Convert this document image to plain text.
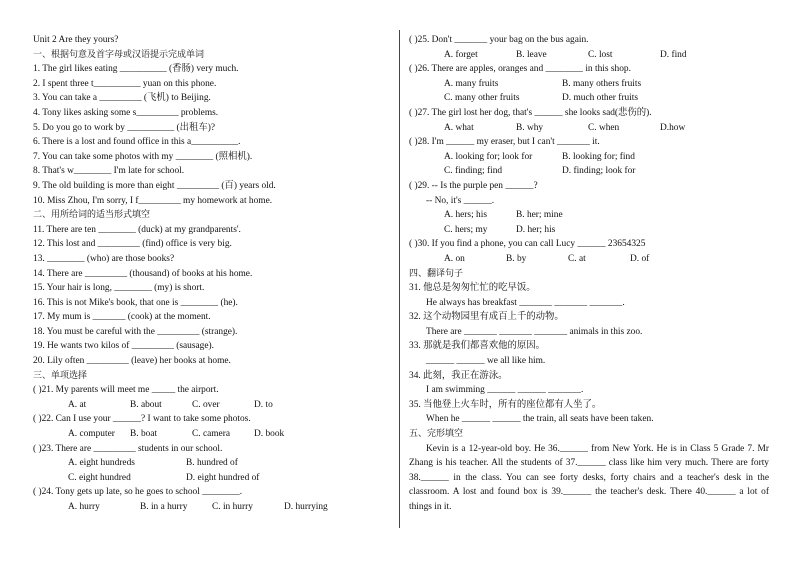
Unit 2 Are they yours?
一、根据句意及首字母或汉语提示完成单词
1. The girl likes eating __________ (香肠) very much.
2. I spent three t__________ yuan on this phone.
3. You can take a _________ (飞机) to Beijing.
4. Tony likes asking some s_________ problems.
5. Do you go to work by __________ (出租车)?
6. There is a lost and found office in this a__________.
7. You can take some photos with my ________ (照相机).
8. That's w________ I'm late for school.
9. The old building is more than eight _________ (百) years old.
10. Miss Zhou, I'm sorry, I f_________ my homework at home.
二、用所给词的适当形式填空
11. There are ten ________ (duck) at my grandparents'.
12. This lost and _________ (find) office is very big.
13. ________ (who) are those books?
14. There are _________ (thousand) of books at his home.
15. Your hair is long, ________ (my) is short.
16. This is not Mike's book, that one is ________ (he).
17. My mum is _______ (cook) at the moment.
18. You must be careful with the _________ (strange).
19. He wants two kilos of _________ (sausage).
20. Lily often _________ (leave) her books at home.
三、单项选择
( )21. My parents will meet me _____ the airport.
A. at	B. about	C. over	D. to
( )22. Can I use your ______? I want to take some photos.
A. computer	B. boat	C. camera	D. book
( )23. There are _________ students in our school.
A. eight hundreds	B. hundred of
C. eight hundred	D. eight hundred of
( )24. Tony gets up late, so he goes to school ________.
A. hurry	B. in a hurry	C. in hurry	D. hurrying
( )25. Don't _______ your bag on the bus again.
A. forget	B. leave	C. lost	D. find
( )26. There are apples, oranges and ________ in this shop.
A. many fruits	B. many others fruits
C. many other fruits	D. much other fruits
( )27. The girl lost her dog, that's ______ she looks sad(悲伤的).
A. what	B. why	C. when	D.how
( )28. I'm ______ my eraser, but I can't _______ it.
A. looking for; look for	B. looking for; find
C. finding; find	D. finding; look for
( )29. -- Is the purple pen ______?
-- No, it's ______.
A. hers; his	B. her; mine
C. hers; my	D. her; his
( )30. If you find a phone, you can call Lucy ______ 23654325
A. on	B. by	C. at	D. of
四、翻译句子
31. 他总是匆匆忙忙的吃早饭。
He always has breakfast _______ _______ _______.
32. 这个动物园里有成百上千的动物。
There are _______ _______ _______ animals in this zoo.
33. 那就是我们都喜欢他的原因。
______ ______ we all like him.
34. 此刻，我正在游泳。
I am swimming ______ ______ _______.
35. 当他登上火车时，所有的座位都有人坐了。
When he ______ ______ the train, all seats have been taken.
五、完形填空
Kevin is a 12-year-old boy. He 36.______ from New York. He is in Class 5 Grade 7. Mr Zhang is his teacher. All the students of 37.______ class like him very much. There are forty 38.______ in the class. You can see forty desks, forty chairs and a teacher's desk in the classroom. A lost and found box is 39.______ the teacher's desk. There 40.______ a lot of things in it.
